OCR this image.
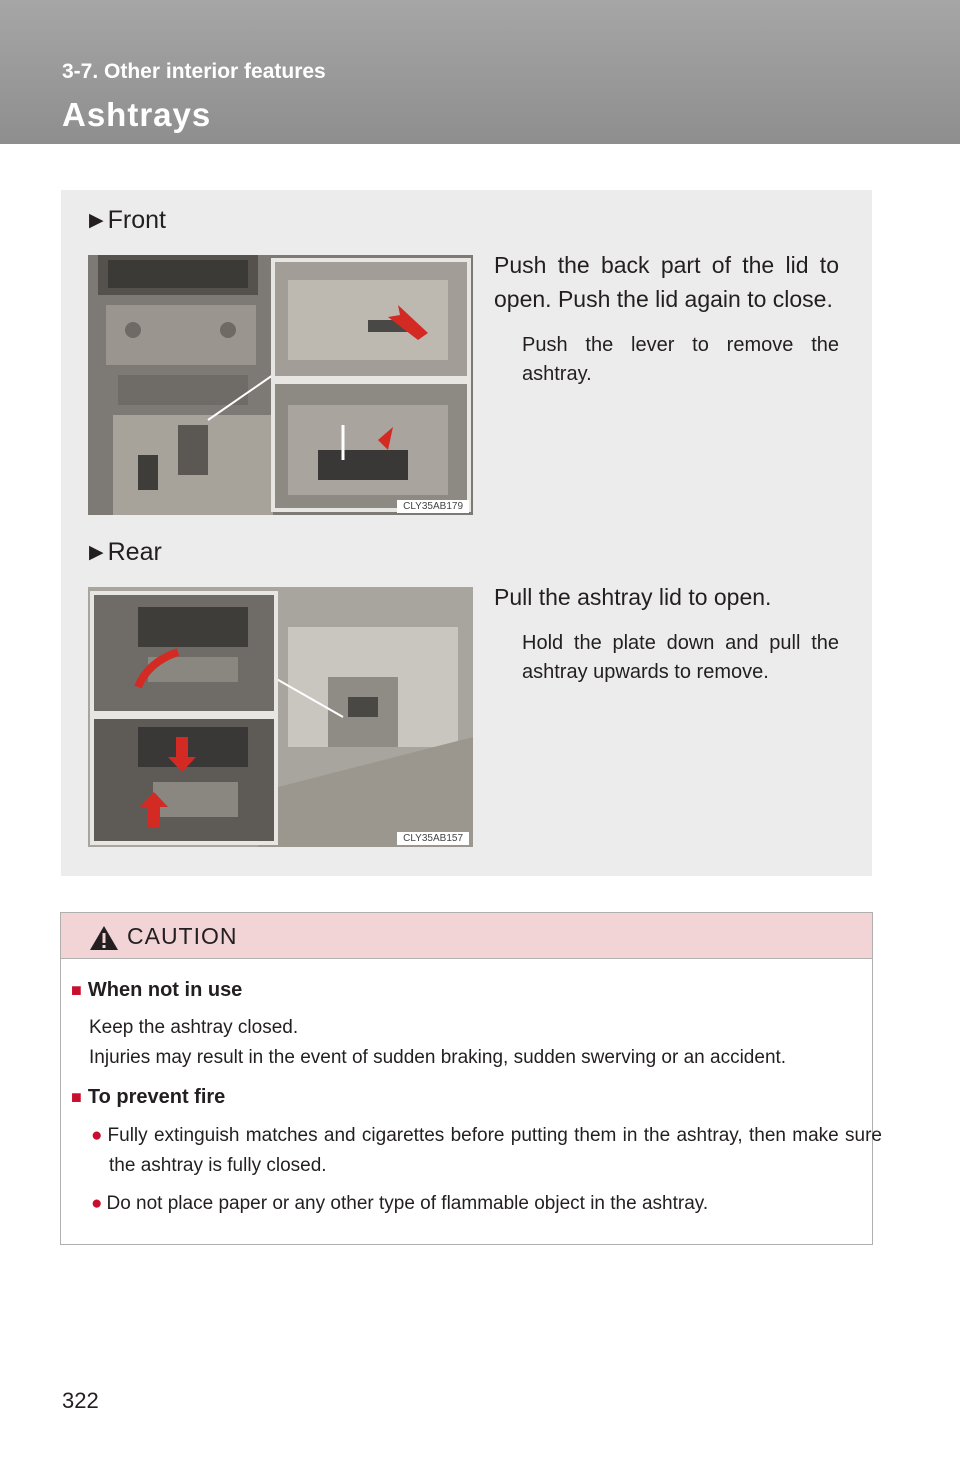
3-7. Other interior features
Ashtrays
▶ Front
CLY35AB179
Push the back part of the lid to open. Push the lid again to close.
Push the lever to remove the ashtray.
▶ Rear
CLY35AB157
Pull the ashtray lid to open.
Hold the plate down and pull the ashtray upwards to remove.
CAUTION
■ When not in use
Keep the ashtray closed.
Injuries may result in the event of sudden braking, sudden swerving or an accident.
■ To prevent fire
● Fully extinguish matches and cigarettes before putting them in the ashtray, then make sure the ashtray is fully closed.
● Do not place paper or any other type of flammable object in the ashtray.
322
